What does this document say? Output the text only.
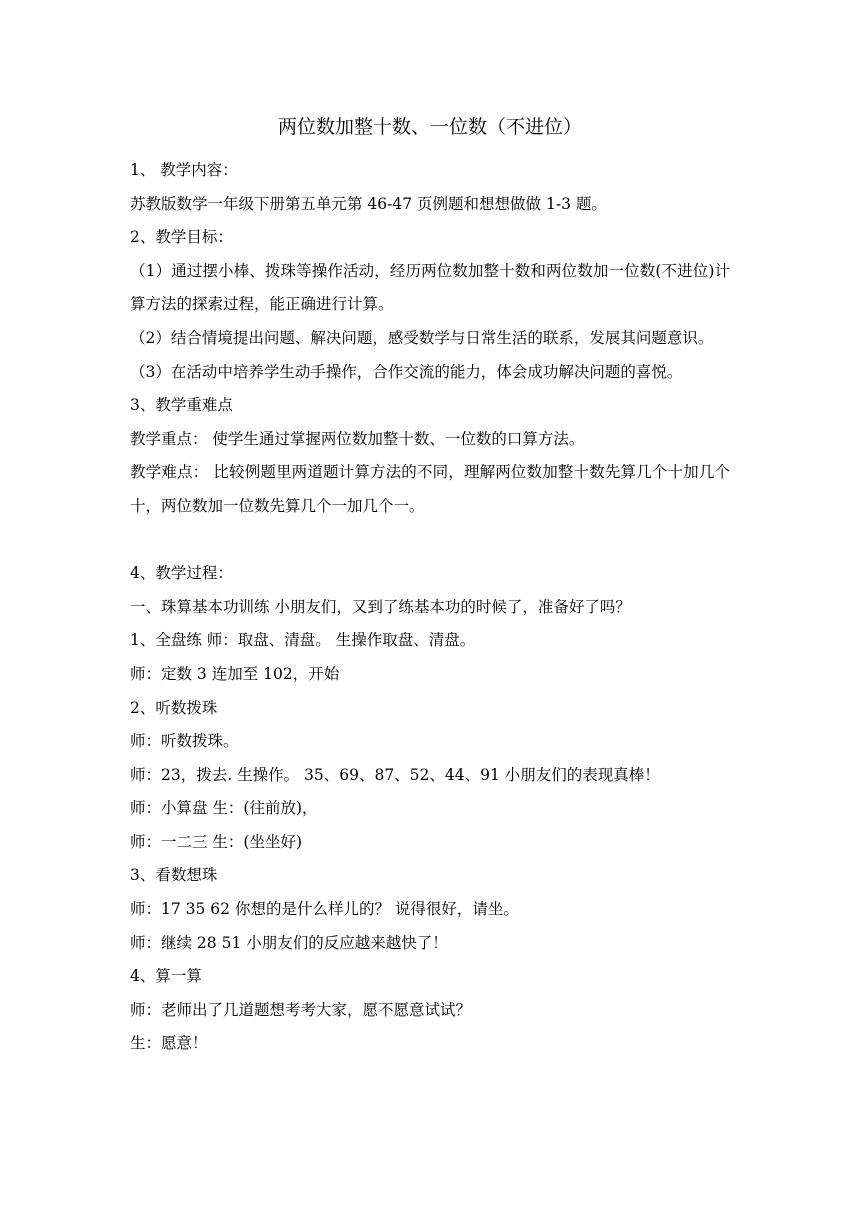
两位数加整十数、一位数（不进位）
1、 教学内容：
苏教版数学一年级下册第五单元第 46-47 页例题和想想做做 1-3 题。
2、教学目标：
（1）通过摆小棒、拨珠等操作活动，经历两位数加整十数和两位数加一位数(不进位)计算方法的探索过程，能正确进行计算。
（2）结合情境提出问题、解决问题，感受数学与日常生活的联系，发展其问题意识。
（3）在活动中培养学生动手操作，合作交流的能力，体会成功解决问题的喜悦。
3、教学重难点
教学重点： 使学生通过掌握两位数加整十数、一位数的口算方法。
教学难点： 比较例题里两道题计算方法的不同，理解两位数加整十数先算几个十加几个十，两位数加一位数先算几个一加几个一。
4、教学过程：
一、珠算基本功训练 小朋友们，又到了练基本功的时候了，准备好了吗？
1、全盘练 师：取盘、清盘。 生操作取盘、清盘。
师：定数 3 连加至 102，开始
2、听数拨珠
师：听数拨珠。
师：23，拨去. 生操作。 35、69、87、52、44、91 小朋友们的表现真棒！
师：小算盘 生：(往前放)，
师：一二三 生：(坐坐好)
3、看数想珠
师：17 35 62 你想的是什么样儿的？ 说得很好，请坐。
师：继续 28 51 小朋友们的反应越来越快了！
4、算一算
师：老师出了几道题想考考大家，愿不愿意试试？
生：愿意！
